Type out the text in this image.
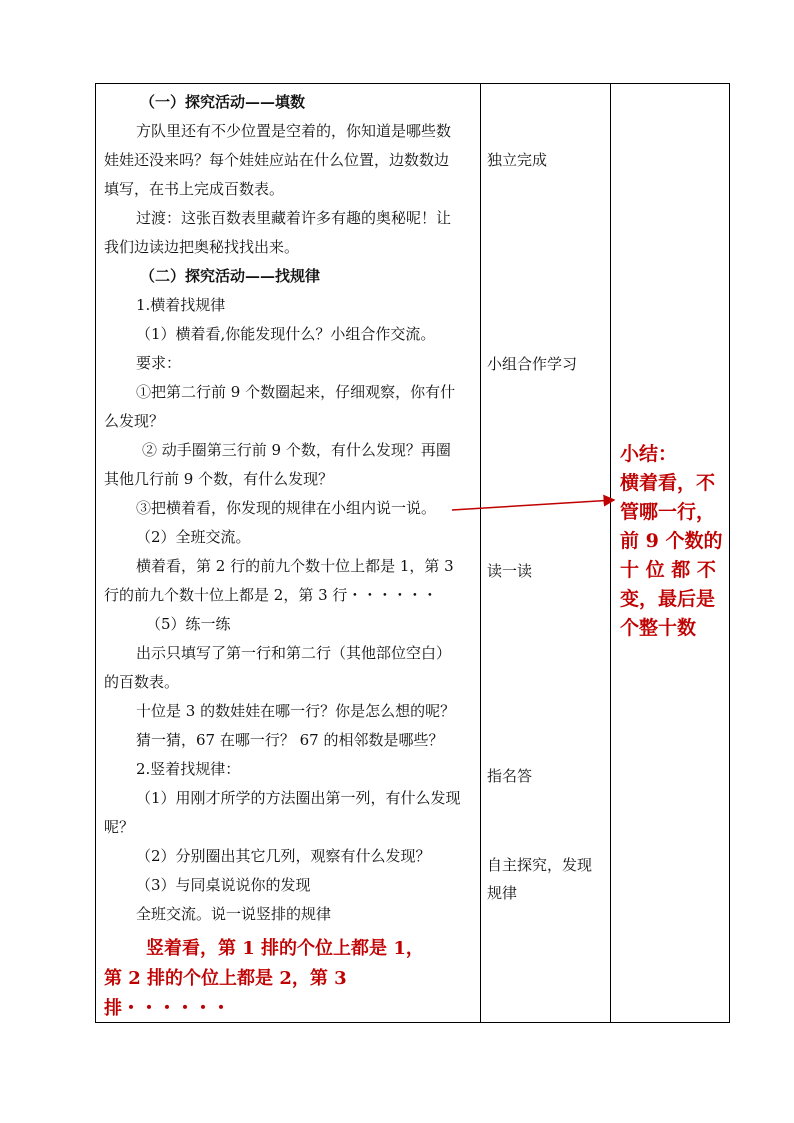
（一）探究活动——填数
方队里还有不少位置是空着的，你知道是哪些数
娃娃还没来吗？每个娃娃应站在什么位置，边数数边
填写，在书上完成百数表。
过渡：这张百数表里藏着许多有趣的奥秘呢！让
我们边读边把奥秘找找出来。
（二）探究活动——找规律
1.横着找规律
（1）横着看,你能发现什么？小组合作交流。
要求：
①把第二行前 9 个数圈起来，仔细观察，你有什
么发现？
② 动手圈第三行前 9 个数，有什么发现？再圈
其他几行前 9 个数，有什么发现？
③把横着看，你发现的规律在小组内说一说。
（2）全班交流。
横着看，第 2 行的前九个数十位上都是 1，第 3
行的前九个数十位上都是 2，第 3 行・・・・・・
（5）练一练
出示只填写了第一行和第二行（其他部位空白）
的百数表。
十位是 3 的数娃娃在哪一行？你是怎么想的呢？
猜一猜，67 在哪一行？ 67 的相邻数是哪些？
2.竖着找规律：
（1）用刚才所学的方法圈出第一列，有什么发现
呢？
（2）分别圈出其它几列，观察有什么发现？
（3）与同桌说说你的发现
全班交流。说一说竖排的规律
竖着看，第 1 排的个位上都是 1，
第 2 排的个位上都是 2，第 3
排・・・・・・
独立完成
小组合作学习
读一读
指名答
自主探究，发现
规律
小结：
横着看，不
管哪一行，
前 9 个数的
十 位 都 不
变，最后是
个整十数
